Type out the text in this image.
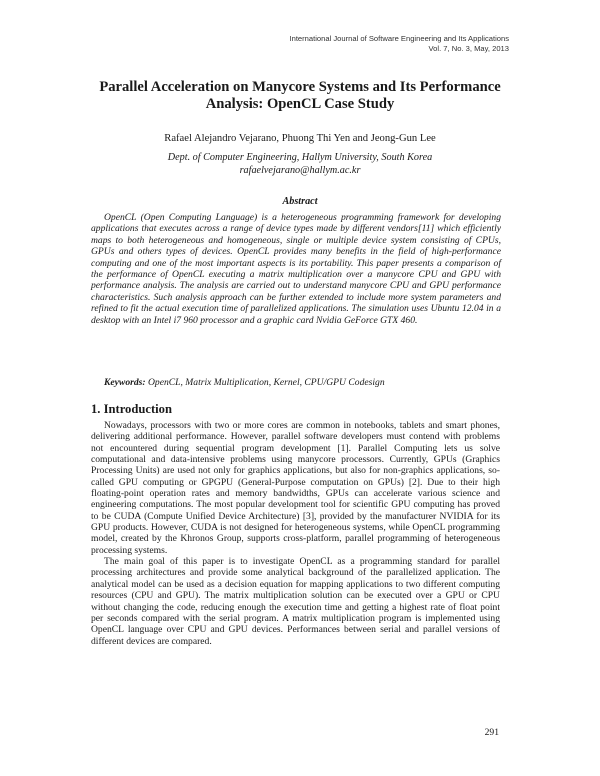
International Journal of Software Engineering and Its Applications
Vol. 7, No. 3, May, 2013
Parallel Acceleration on Manycore Systems and Its Performance
Analysis: OpenCL Case Study
Rafael Alejandro Vejarano, Phuong Thi Yen and Jeong-Gun Lee
Dept. of Computer Engineering, Hallym University, South Korea
rafaelvejarano@hallym.ac.kr
Abstract

OpenCL (Open Computing Language) is a heterogeneous programming framework for developing applications that executes across a range of device types made by different vendors[11] which efficiently maps to both heterogeneous and homogeneous, single or multiple device system consisting of CPUs, GPUs and others types of devices. OpenCL provides many benefits in the field of high-performance computing and one of the most important aspects is its portability. This paper presents a comparison of the performance of OpenCL executing a matrix multiplication over a manycore CPU and GPU with performance analysis. The analysis are carried out to understand manycore CPU and GPU performance characteristics. Such analysis approach can be further extended to include more system parameters and refined to fit the actual execution time of parallelized applications. The simulation uses Ubuntu 12.04 in a desktop with an Intel i7 960 processor and a graphic card Nvidia GeForce GTX 460.

Keywords: OpenCL, Matrix Multiplication, Kernel, CPU/GPU Codesign
1. Introduction

Nowadays, processors with two or more cores are common in notebooks, tablets and smart phones, delivering additional performance. However, parallel software developers must contend with problems not encountered during sequential program development [1]. Parallel Computing lets us solve computational and data-intensive problems using manycore processors. Currently, GPUs (Graphics Processing Units) are used not only for graphics applications, but also for non-graphics applications, so-called GPU computing or GPGPU (General-Purpose computation on GPUs) [2]. Due to their high floating-point operation rates and memory bandwidths, GPUs can accelerate various science and engineering computations. The most popular development tool for scientific GPU computing has proved to be CUDA (Compute Unified Device Architecture) [3], provided by the manufacturer NVIDIA for its GPU products. However, CUDA is not designed for heterogeneous systems, while OpenCL programming model, created by the Khronos Group, supports cross-platform, parallel programming of heterogeneous processing systems.

The main goal of this paper is to investigate OpenCL as a programming standard for parallel processing architectures and provide some analytical background of the parallelized application. The analytical model can be used as a decision equation for mapping applications to two different computing resources (CPU and GPU). The matrix multiplication solution can be executed over a GPU or CPU without changing the code, reducing enough the execution time and getting a highest rate of float point per seconds compared with the serial program. A matrix multiplication program is implemented using OpenCL language over CPU and GPU devices. Performances between serial and parallel versions of different devices are compared.

291
